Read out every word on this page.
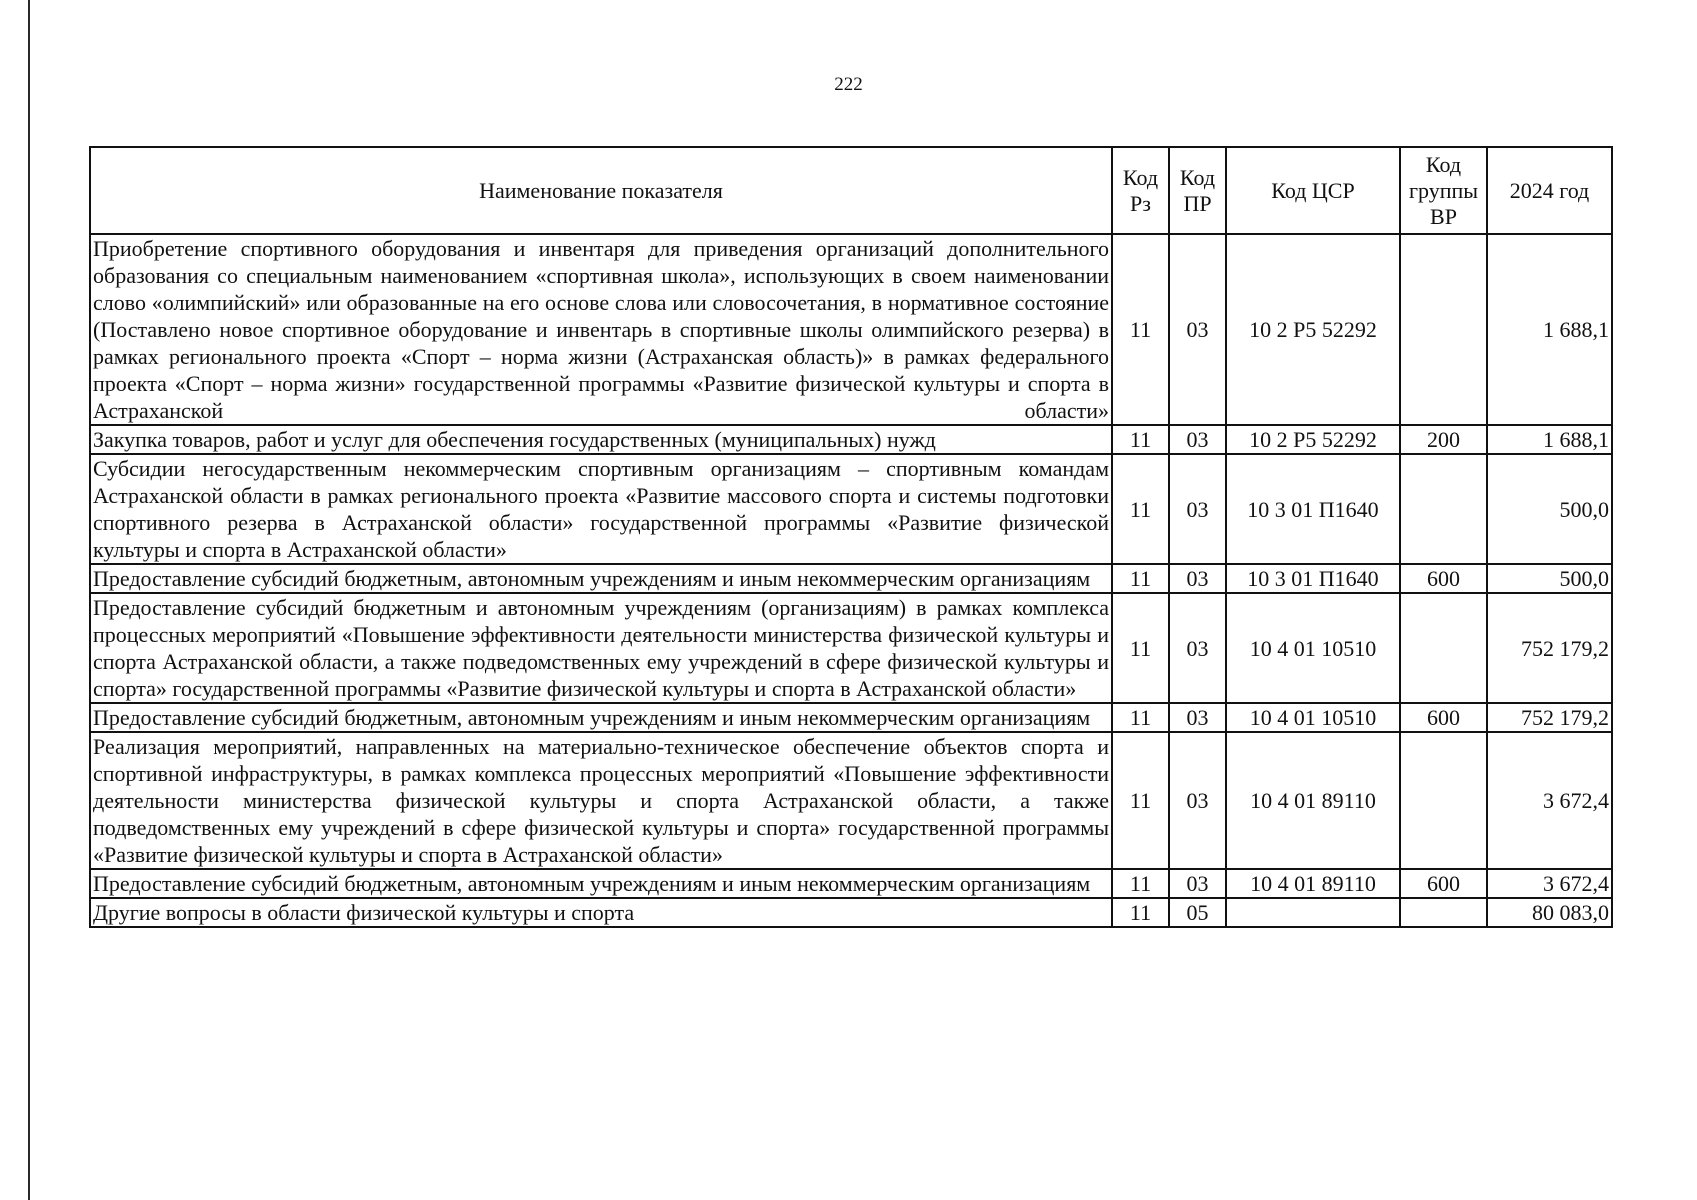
222
Наименование показателя	Код Рз	Код ПР	Код ЦСР	Код группы ВР	2024 год
Приобретение спортивного оборудования и инвентаря для приведения организаций дополнительного образования со специальным наименованием «спортивная школа», использующих в своем наименовании слово «олимпийский» или образованные на его основе слова или словосочетания, в нормативное состояние (Поставлено новое спортивное оборудование и инвентарь в спортивные школы олимпийского резерва) в рамках регионального проекта «Спорт – норма жизни (Астраханская область)» в рамках федерального проекта «Спорт – норма жизни» государственной программы «Развитие физической культуры и спорта в Астраханской области»	11	03	10 2 Р5 52292		1 688,1
Закупка товаров, работ и услуг для обеспечения государственных (муниципальных) нужд	11	03	10 2 Р5 52292	200	1 688,1
Субсидии негосударственным некоммерческим спортивным организациям – спортивным командам Астраханской области в рамках регионального проекта «Развитие массового спорта и системы подготовки спортивного резерва в Астраханской области» государственной программы «Развитие физической культуры и спорта в Астраханской области»	11	03	10 3 01 П1640		500,0
Предоставление субсидий бюджетным, автономным учреждениям и иным некоммерческим организациям	11	03	10 3 01 П1640	600	500,0
Предоставление субсидий бюджетным и автономным учреждениям (организациям) в рамках комплекса процессных мероприятий «Повышение эффективности деятельности министерства физической культуры и спорта Астраханской области, а также подведомственных ему учреждений в сфере физической культуры и спорта» государственной программы «Развитие физической культуры и спорта в Астраханской области»	11	03	10 4 01 10510		752 179,2
Предоставление субсидий бюджетным, автономным учреждениям и иным некоммерческим организациям	11	03	10 4 01 10510	600	752 179,2
Реализация мероприятий, направленных на материально-техническое обеспечение объектов спорта и спортивной инфраструктуры, в рамках комплекса процессных мероприятий «Повышение эффективности деятельности министерства физической культуры и спорта Астраханской области, а также подведомственных ему учреждений в сфере физической культуры и спорта» государственной программы «Развитие физической культуры и спорта в Астраханской области»	11	03	10 4 01 89110		3 672,4
Предоставление субсидий бюджетным, автономным учреждениям и иным некоммерческим организациям	11	03	10 4 01 89110	600	3 672,4
Другие вопросы в области физической культуры и спорта	11	05			80 083,0
